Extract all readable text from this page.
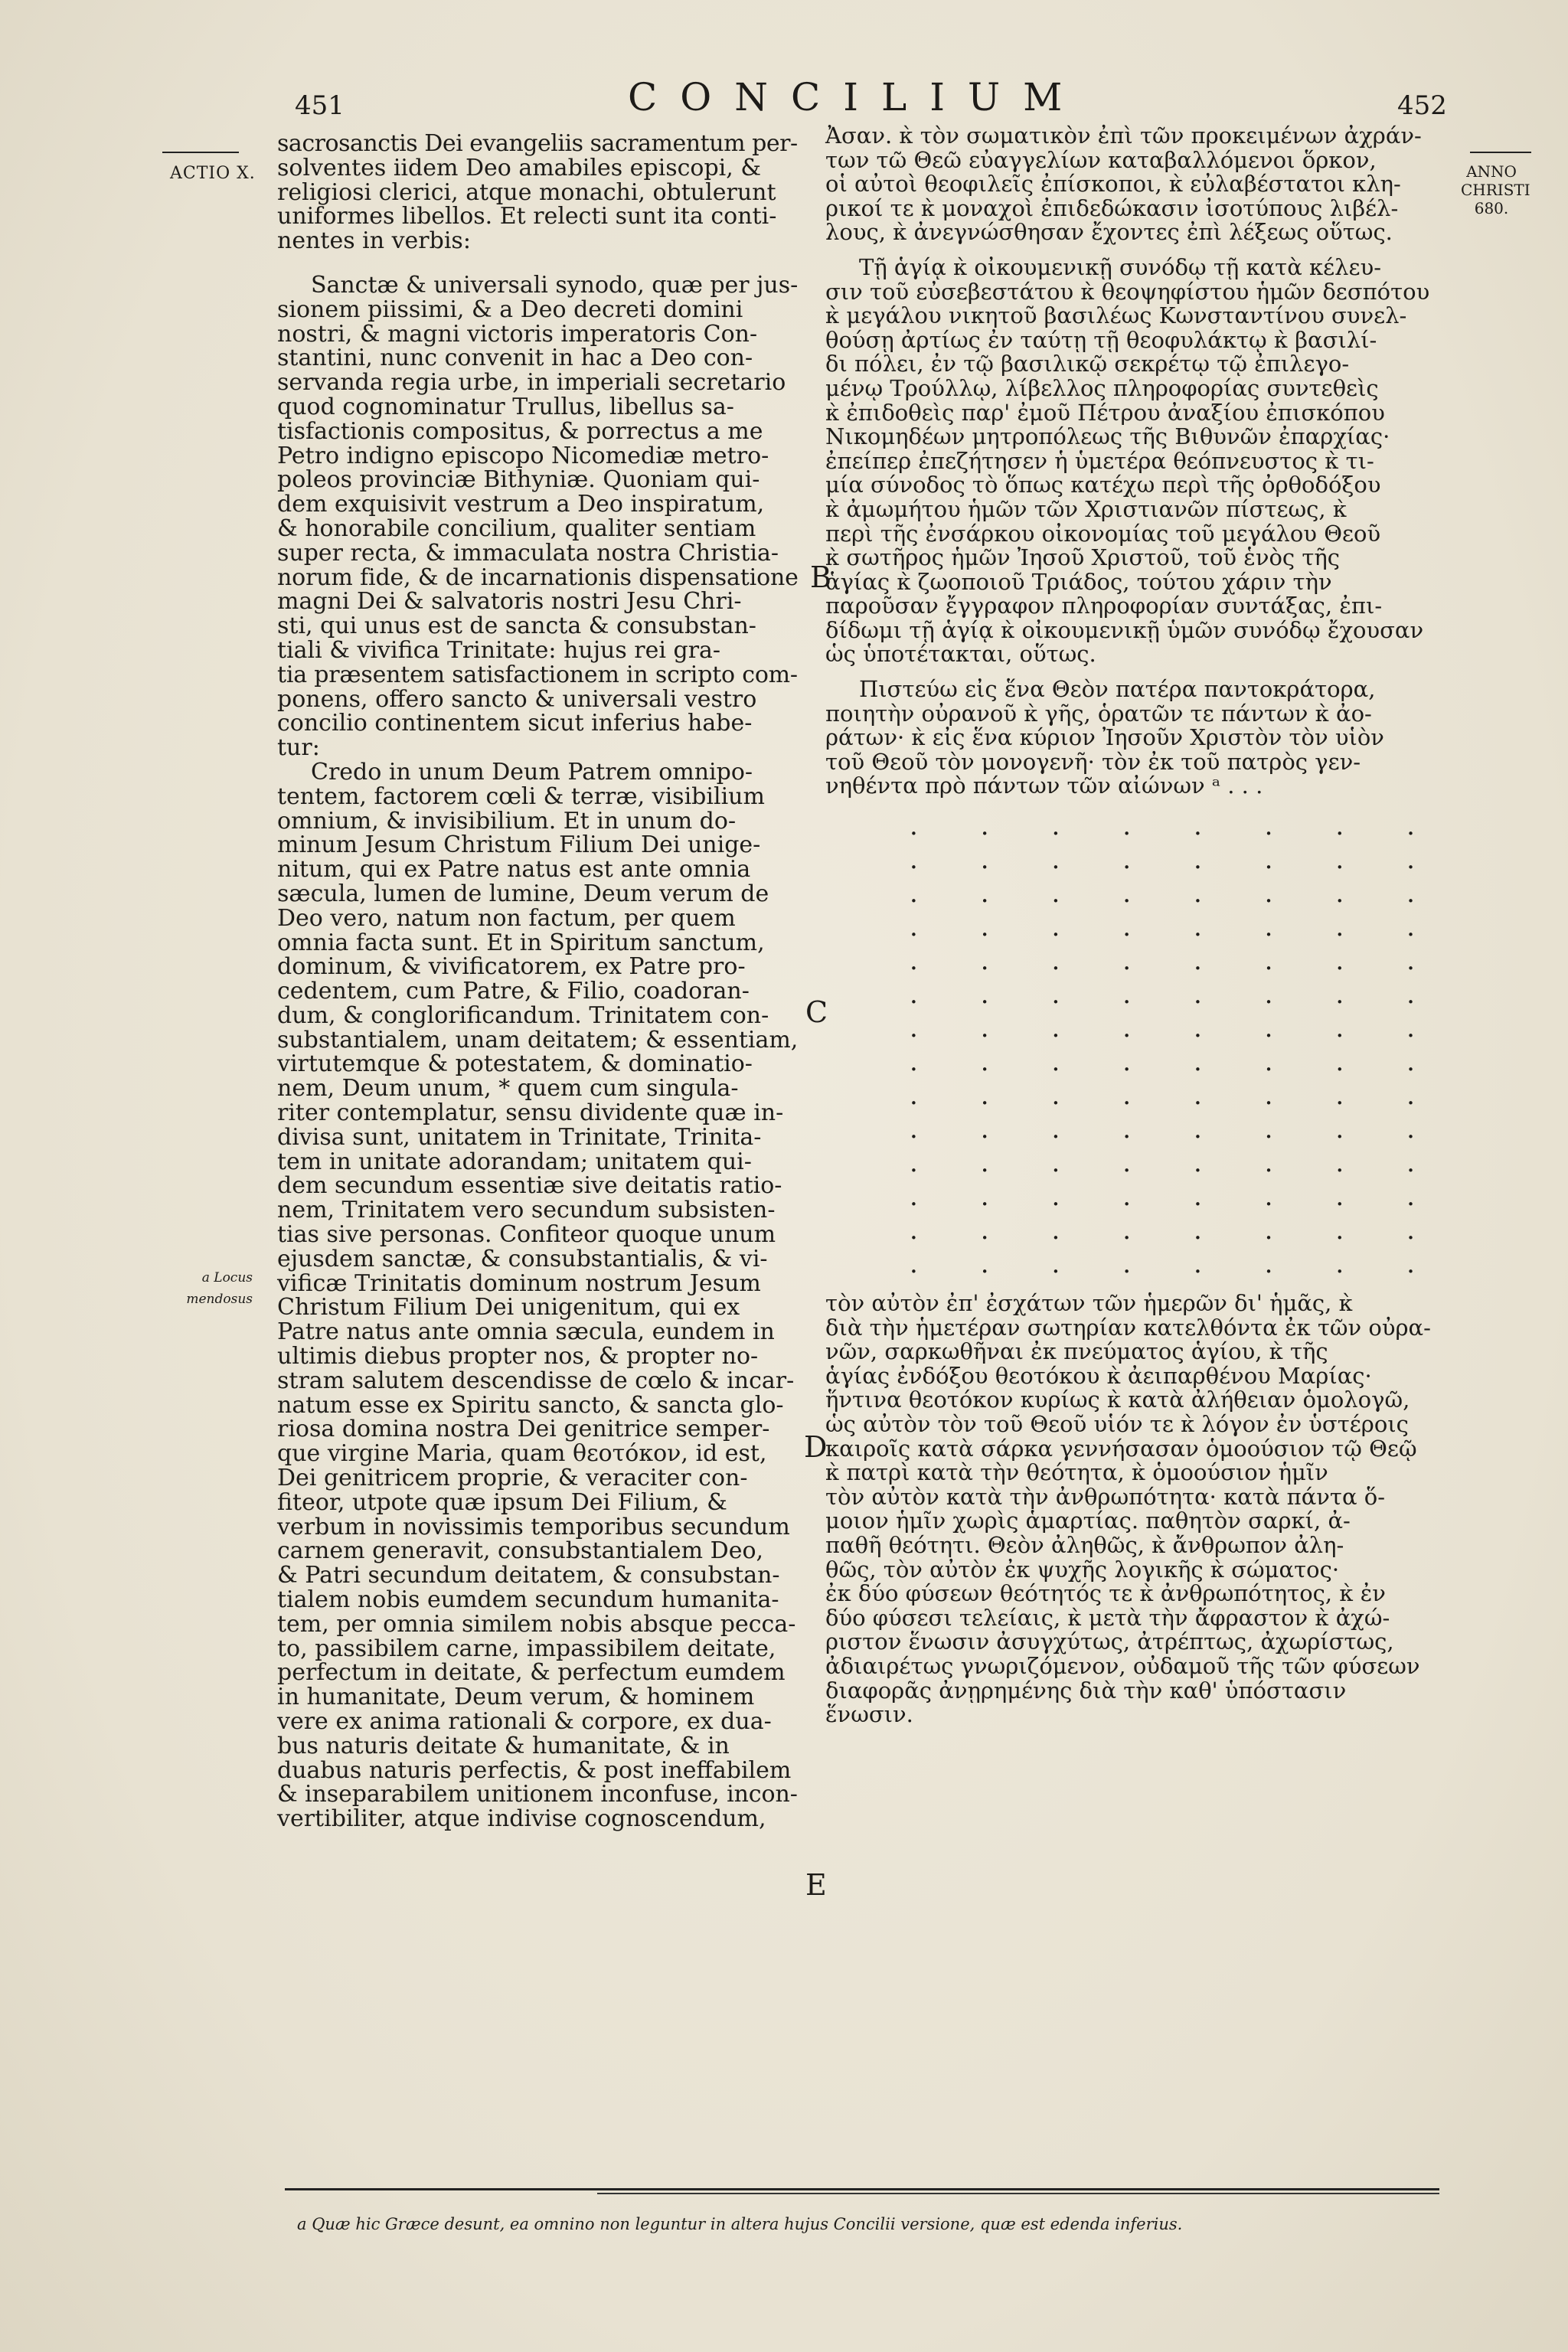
451	CONCILIUM	452
ACTIO X.	ANNO
CHRISTI
680.
a Locus
mendosus
B
C
D
E
sacrosanctis Dei evangeliis sacramentum per-
solventes iidem Deo amabiles episcopi, &
religiosi clerici, atque monachi, obtulerunt
uniformes libellos. Et relecti sunt ita conti-
nentes in verbis:
Sanctæ & universali synodo, quæ per jus-
sionem piissimi, & a Deo decreti domini
nostri, & magni victoris imperatoris Con-
stantini, nunc convenit in hac a Deo con-
servanda regia urbe, in imperiali secretario
quod cognominatur Trullus, libellus sa-
tisfactionis compositus, & porrectus a me
Petro indigno episcopo Nicomediæ metro-
poleos provinciæ Bithyniæ. Quoniam qui-
dem exquisivit vestrum a Deo inspiratum,
& honorabile concilium, qualiter sentiam
super recta, & immaculata nostra Christia-
norum fide, & de incarnationis dispensatione
magni Dei & salvatoris nostri Jesu Chri-
sti, qui unus est de sancta & consubstan-
tiali & vivifica Trinitate: hujus rei gra-
tia præsentem satisfactionem in scripto com-
ponens, offero sancto & universali vestro
concilio continentem sicut inferius habe-
tur:
Credo in unum Deum Patrem omnipo-
tentem, factorem cœli & terræ, visibilium
omnium, & invisibilium. Et in unum do-
minum Jesum Christum Filium Dei unige-
nitum, qui ex Patre natus est ante omnia
sæcula, lumen de lumine, Deum verum de
Deo vero, natum non factum, per quem
omnia facta sunt. Et in Spiritum sanctum,
dominum, & vivificatorem, ex Patre pro-
cedentem, cum Patre, & Filio, coadoran-
dum, & conglorificandum. Trinitatem con-
substantialem, unam deitatem; & essentiam,
virtutemque & potestatem, & dominatio-
nem, Deum unum, * quem cum singula-
riter contemplatur, sensu dividente quæ in-
divisa sunt, unitatem in Trinitate, Trinita-
tem in unitate adorandam; unitatem qui-
dem secundum essentiæ sive deitatis ratio-
nem, Trinitatem vero secundum subsisten-
tias sive personas. Confiteor quoque unum
ejusdem sanctæ, & consubstantialis, & vi-
vificæ Trinitatis dominum nostrum Jesum
Christum Filium Dei unigenitum, qui ex
Patre natus ante omnia sæcula, eundem in
ultimis diebus propter nos, & propter no-
stram salutem descendisse de cœlo & incar-
natum esse ex Spiritu sancto, & sancta glo-
riosa domina nostra Dei genitrice semper-
que virgine Maria, quam θεοτόκον, id est,
Dei genitricem proprie, & veraciter con-
fiteor, utpote quæ ipsum Dei Filium, &
verbum in novissimis temporibus secundum
carnem generavit, consubstantialem Deo,
& Patri secundum deitatem, & consubstan-
tialem nobis eumdem secundum humanita-
tem, per omnia similem nobis absque pecca-
to, passibilem carne, impassibilem deitate,
perfectum in deitate, & perfectum eumdem
in humanitate, Deum verum, & hominem
vere ex anima rationali & corpore, ex dua-
bus naturis deitate & humanitate, & in
duabus naturis perfectis, & post ineffabilem
& inseparabilem unitionem inconfuse, incon-
vertibiliter, atque indivise cognoscendum,
Ἀσαν. κ̀ τὸν σωματικὸν ἐπὶ τῶν προκειμένων ἀχράν-
των τῶ Θεῶ εὐαγγελίων καταβαλλόμενοι ὅρκον,
οἱ αὐτοὶ θεοφιλεῖς ἐπίσκοποι, κ̀ εὐλαβέστατοι κλη-
ρικοί τε κ̀ μοναχοὶ ἐπιδεδώκασιν ἰσοτύπους λιβέλ-
λους, κ̀ ἀνεγνώσθησαν ἔχοντες ἐπὶ λέξεως οὕτως.
Τῇ ἁγίᾳ κ̀ οἰκουμενικῇ συνόδῳ τῇ κατὰ κέλευ-
σιν τοῦ εὐσεβεστάτου κ̀ θεοψηφίστου ἡμῶν δεσπότου
κ̀ μεγάλου νικητοῦ βασιλέως Κωνσταντίνου συνελ-
θούσῃ ἀρτίως ἐν ταύτῃ τῇ θεοφυλάκτῳ κ̀ βασιλί-
δι πόλει, ἐν τῷ βασιλικῷ σεκρέτῳ τῷ ἐπιλεγο-
μένῳ Τρούλλῳ, λίβελλος πληροφορίας συντεθεὶς
κ̀ ἐπιδοθεὶς παρ' ἐμοῦ Πέτρου ἀναξίου ἐπισκόπου
Νικομηδέων μητροπόλεως τῆς Βιθυνῶν ἐπαρχίας·
ἐπείπερ ἐπεζήτησεν ἡ ὑμετέρα θεόπνευστος κ̀ τι-
μία σύνοδος τὸ ὅπως κατέχω περὶ τῆς ὀρθοδόξου
κ̀ ἀμωμήτου ἡμῶν τῶν Χριστιανῶν πίστεως, κ̀
περὶ τῆς ἐνσάρκου οἰκονομίας τοῦ μεγάλου Θεοῦ
κ̀ σωτῆρος ἡμῶν Ἰησοῦ Χριστοῦ, τοῦ ἑνὸς τῆς
ἁγίας κ̀ ζωοποιοῦ Τριάδος, τούτου χάριν τὴν
παροῦσαν ἔγγραφον πληροφορίαν συντάξας, ἐπι-
δίδωμι τῇ ἁγίᾳ κ̀ οἰκουμενικῇ ὑμῶν συνόδῳ ἔχουσαν
ὡς ὑποτέτακται, οὕτως.
Πιστεύω εἰς ἕνα Θεὸν πατέρα παντοκράτορα,
ποιητὴν οὐρανοῦ κ̀ γῆς, ὁρατῶν τε πάντων κ̀ ἀο-
ράτων· κ̀ εἰς ἕνα κύριον Ἰησοῦν Χριστὸν τὸν υἱὸν
τοῦ Θεοῦ τὸν μονογενῆ· τὸν ἐκ τοῦ πατρὸς γεν-
νηθέντα πρὸ πάντων τῶν αἰώνων ᵃ . . .
. . . . . . . .
. . . . . . . .
. . . . . . . .
. . . . . . . .
. . . . . . . .
. . . . . . . .
. . . . . . . .
. . . . . . . .
. . . . . . . .
. . . . . . . .
. . . . . . . .
. . . . . . . .
. . . . . . . .
. . . . . . . .
τὸν αὐτὸν ἐπ' ἐσχάτων τῶν ἡμερῶν δι' ἡμᾶς, κ̀
διὰ τὴν ἡμετέραν σωτηρίαν κατελθόντα ἐκ τῶν οὐρα-
νῶν, σαρκωθῆναι ἐκ πνεύματος ἁγίου, κ̀ τῆς
ἁγίας ἐνδόξου θεοτόκου κ̀ ἀειπαρθένου Μαρίας·
ἥντινα θεοτόκον κυρίως κ̀ κατὰ ἀλήθειαν ὁμολογῶ,
ὡς αὐτὸν τὸν τοῦ Θεοῦ υἱόν τε κ̀ λόγον ἐν ὑστέροις
καιροῖς κατὰ σάρκα γεννήσασαν ὁμοούσιον τῷ Θεῷ
κ̀ πατρὶ κατὰ τὴν θεότητα, κ̀ ὁμοούσιον ἡμῖν
τὸν αὐτὸν κατὰ τὴν ἀνθρωπότητα· κατὰ πάντα ὅ-
μοιον ἡμῖν χωρὶς ἁμαρτίας. παθητὸν σαρκί, ἀ-
παθῆ θεότητι. Θεὸν ἀληθῶς, κ̀ ἄνθρωπον ἀλη-
θῶς, τὸν αὐτὸν ἐκ ψυχῆς λογικῆς κ̀ σώματος·
ἐκ δύο φύσεων θεότητός τε κ̀ ἀνθρωπότητος, κ̀ ἐν
δύο φύσεσι τελείαις, κ̀ μετὰ τὴν ἄφραστον κ̀ ἀχώ-
ριστον ἕνωσιν ἀσυγχύτως, ἀτρέπτως, ἀχωρίστως,
ἀδιαιρέτως γνωριζόμενον, οὐδαμοῦ τῆς τῶν φύσεων
διαφορᾶς ἀνῃρημένης διὰ τὴν καθ' ὑπόστασιν
ἕνωσιν.
a Quæ hic Græce desunt, ea omnino non leguntur in altera hujus Concilii versione, quæ est edenda inferius.
